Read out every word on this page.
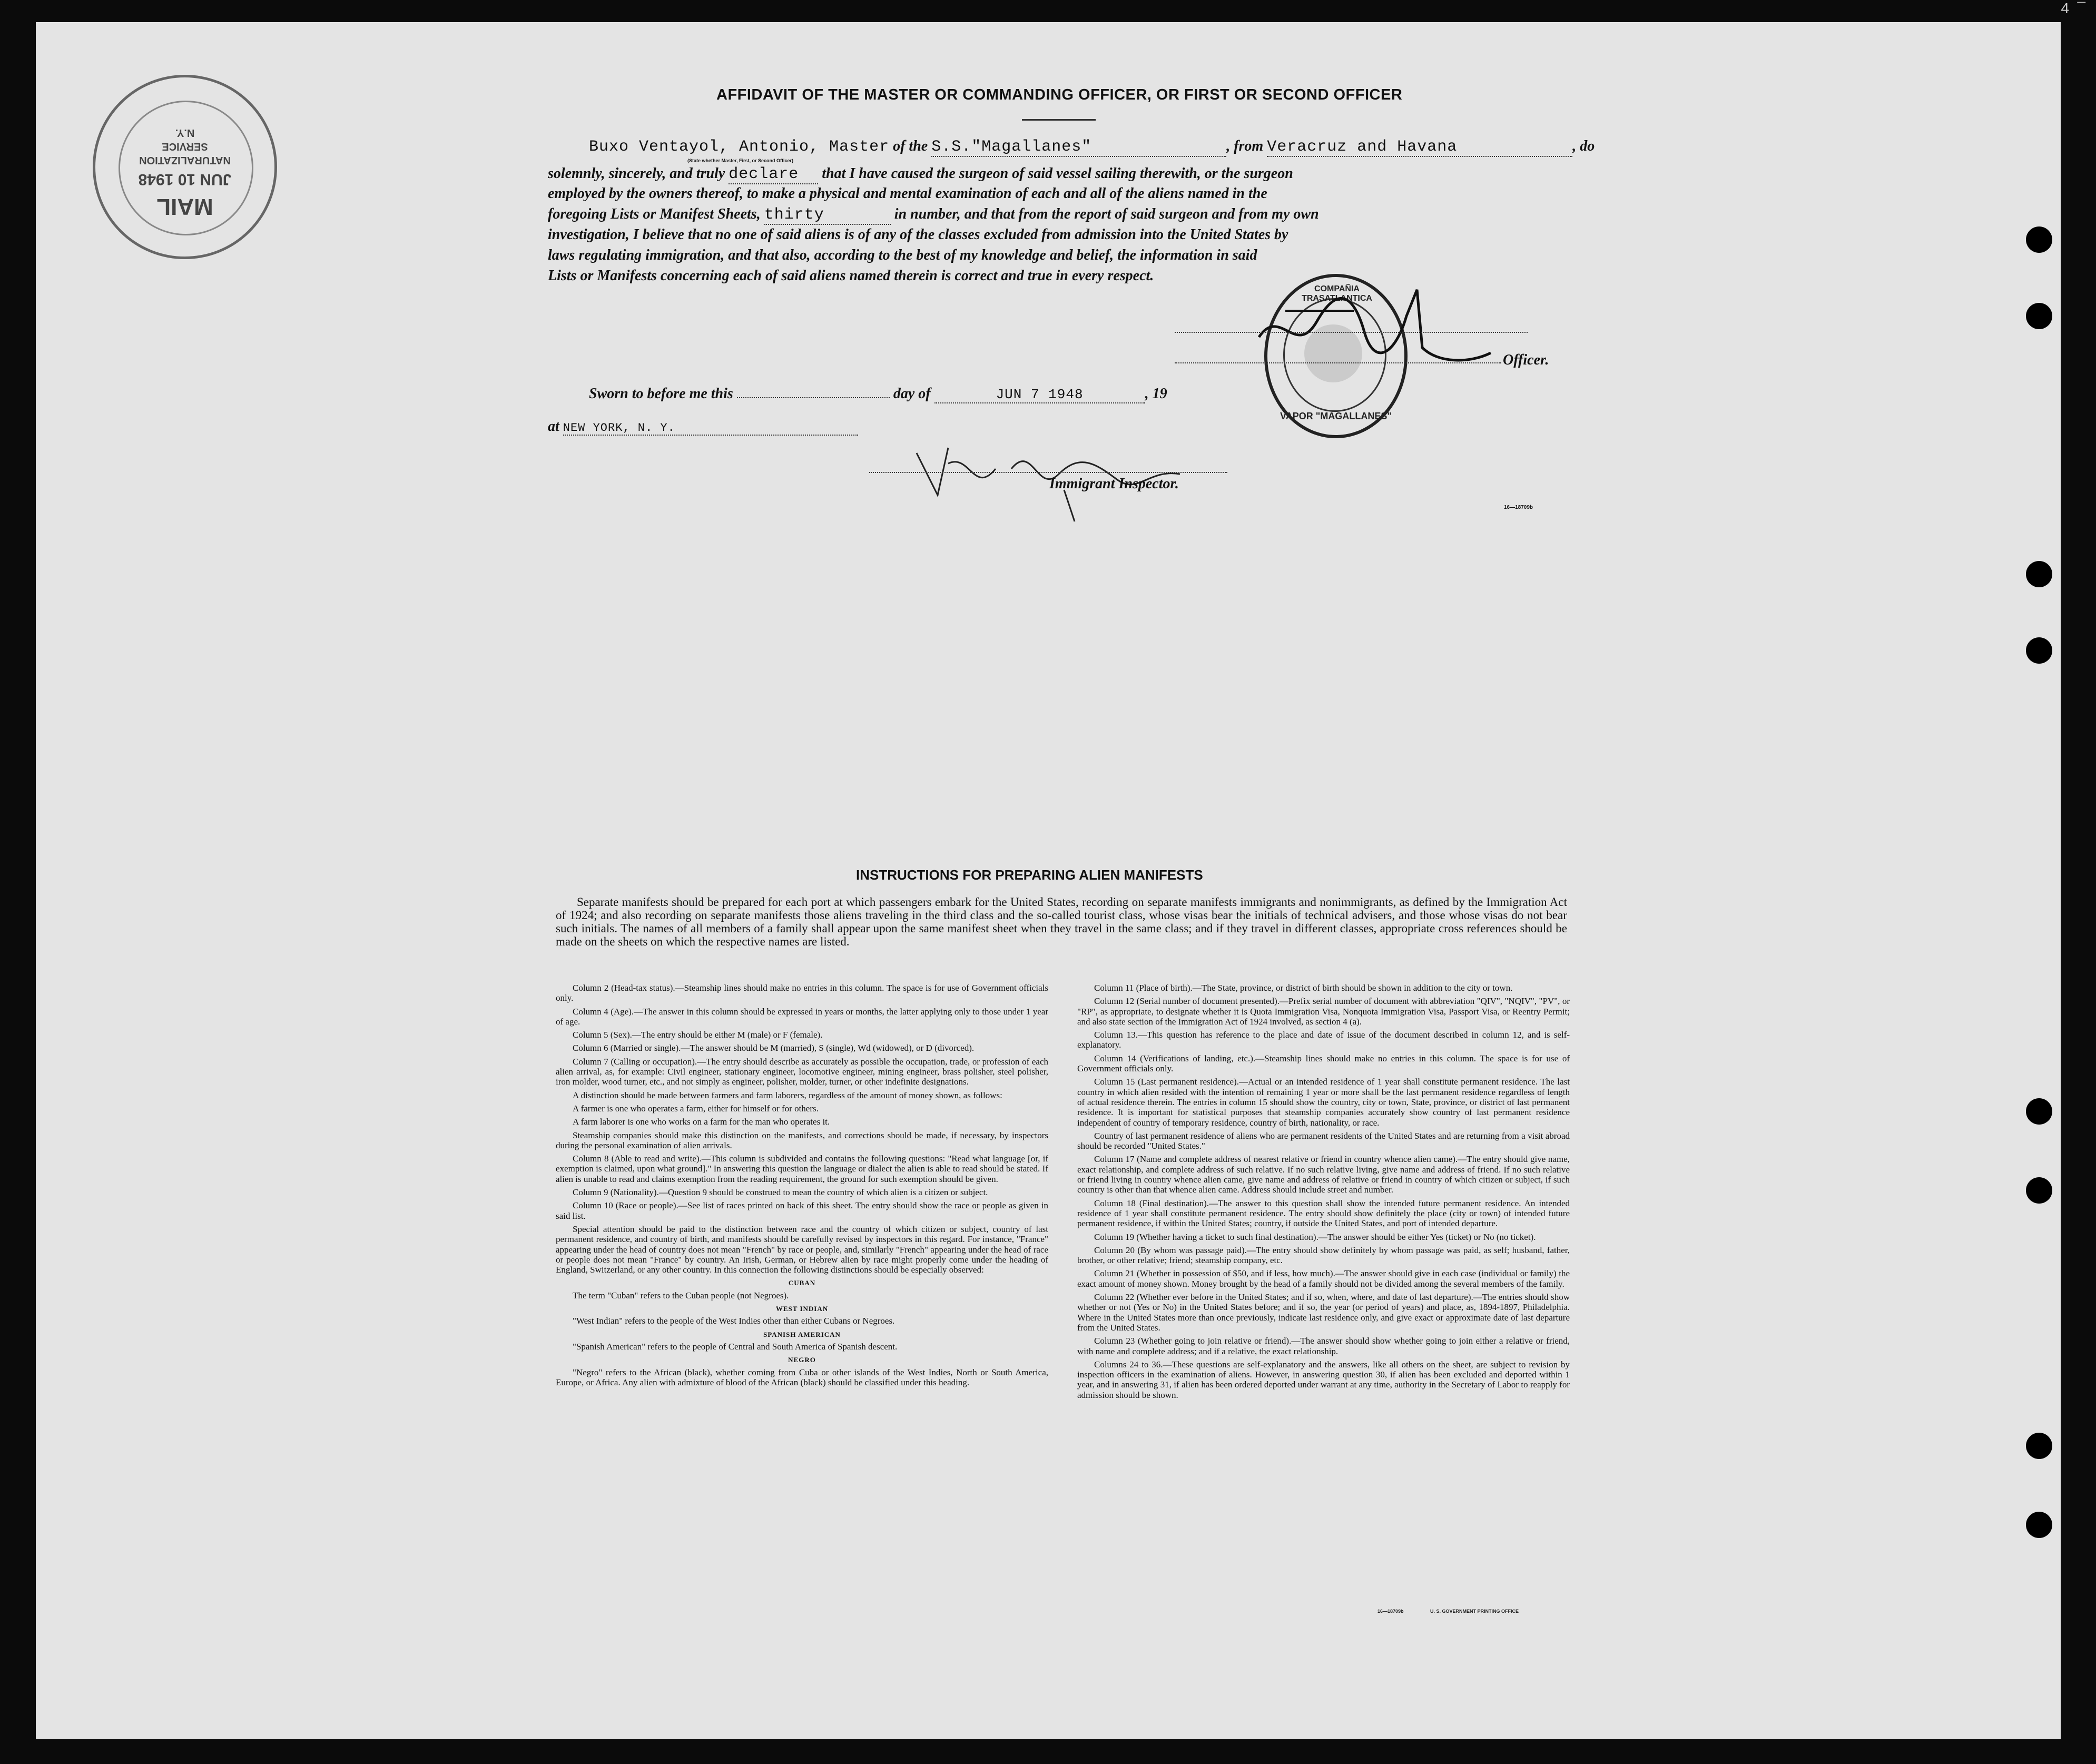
4  ¯
MAIL
JUN 10 1948
NATURALIZATION
SERVICE
N.Y.
AFFIDAVIT OF THE MASTER OR COMMANDING OFFICER, OR FIRST OR SECOND OFFICER
Buxo Ventayol, Antonio, Master of the S.S."Magallanes"	, from Veracruz and Havana	, do
(State whether Master, First, or Second Officer)
solemnly, sincerely, and truly declare that I have caused the surgeon of said vessel sailing therewith, or the surgeon
employed by the owners thereof, to make a physical and mental examination of each and all of the aliens named in the
foregoing Lists or Manifest Sheets, thirty	in number, and that from the report of said surgeon and from my own
investigation, I believe that no one of said aliens is of any of the classes excluded from admission into the United States by
laws regulating immigration, and that also, according to the best of my knowledge and belief, the information in said
Lists or Manifests concerning each of said aliens named therein is correct and true in every respect.
COMPAÑIA TRASATLANTICA
VAPOR "MAGALLANES"
Officer.
Sworn to before me this	day of	JUN 7 1948	, 19
at NEW YORK, N. Y.
Immigrant Inspector.
16—18709b
INSTRUCTIONS FOR PREPARING ALIEN MANIFESTS
Separate manifests should be prepared for each port at which passengers embark for the United States, recording on separate manifests immigrants and nonimmigrants, as defined by the Immigration Act of 1924; and also recording on separate manifests those aliens traveling in the third class and the so-called tourist class, whose visas bear the initials of technical advisers, and those whose visas do not bear such initials. The names of all members of a family shall appear upon the same manifest sheet when they travel in the same class; and if they travel in different classes, appropriate cross references should be made on the sheets on which the respective names are listed.

Column 2 (Head-tax status).—Steamship lines should make no entries in this column. The space is for use of Government officials only.

Column 4 (Age).—The answer in this column should be expressed in years or months, the latter applying only to those under 1 year of age.

Column 5 (Sex).—The entry should be either M (male) or F (female).

Column 6 (Married or single).—The answer should be M (married), S (single), Wd (widowed), or D (divorced).

Column 7 (Calling or occupation).—The entry should describe as accurately as possible the occupation, trade, or profession of each alien arrival, as, for example: Civil engineer, stationary engineer, locomotive engineer, mining engineer, brass polisher, steel polisher, iron molder, wood turner, etc., and not simply as engineer, polisher, molder, turner, or other indefinite designations.

A distinction should be made between farmers and farm laborers, regardless of the amount of money shown, as follows:

A farmer is one who operates a farm, either for himself or for others.

A farm laborer is one who works on a farm for the man who operates it.

Steamship companies should make this distinction on the manifests, and corrections should be made, if necessary, by inspectors during the personal examination of alien arrivals.

Column 8 (Able to read and write).—This column is subdivided and contains the following questions: "Read what language [or, if exemption is claimed, upon what ground]." In answering this question the language or dialect the alien is able to read should be stated. If alien is unable to read and claims exemption from the reading requirement, the ground for such exemption should be given.

Column 9 (Nationality).—Question 9 should be construed to mean the country of which alien is a citizen or subject.

Column 10 (Race or people).—See list of races printed on back of this sheet. The entry should show the race or people as given in said list.

Special attention should be paid to the distinction between race and the country of which citizen or subject, country of last permanent residence, and country of birth, and manifests should be carefully revised by inspectors in this regard. For instance, "France" appearing under the head of country does not mean "French" by race or people, and, similarly "French" appearing under the head of race or people does not mean "France" by country. An Irish, German, or Hebrew alien by race might properly come under the heading of England, Switzerland, or any other country. In this connection the following distinctions should be especially observed:

CUBAN

The term "Cuban" refers to the Cuban people (not Negroes).

WEST INDIAN

"West Indian" refers to the people of the West Indies other than either Cubans or Negroes.

SPANISH AMERICAN

"Spanish American" refers to the people of Central and South America of Spanish descent.

NEGRO

"Negro" refers to the African (black), whether coming from Cuba or other islands of the West Indies, North or South America, Europe, or Africa. Any alien with admixture of blood of the African (black) should be classified under this heading.

Column 11 (Place of birth).—The State, province, or district of birth should be shown in addition to the city or town.

Column 12 (Serial number of document presented).—Prefix serial number of document with abbreviation "QIV", "NQIV", "PV", or "RP", as appropriate, to designate whether it is Quota Immigration Visa, Nonquota Immigration Visa, Passport Visa, or Reentry Permit; and also state section of the Immigration Act of 1924 involved, as section 4 (a).

Column 13.—This question has reference to the place and date of issue of the document described in column 12, and is self-explanatory.

Column 14 (Verifications of landing, etc.).—Steamship lines should make no entries in this column. The space is for use of Government officials only.

Column 15 (Last permanent residence).—Actual or an intended residence of 1 year shall constitute permanent residence. The last country in which alien resided with the intention of remaining 1 year or more shall be the last permanent residence regardless of length of actual residence therein. The entries in column 15 should show the country, city or town, State, province, or district of last permanent residence. It is important for statistical purposes that steamship companies accurately show country of last permanent residence independent of country of temporary residence, country of birth, nationality, or race.

Country of last permanent residence of aliens who are permanent residents of the United States and are returning from a visit abroad should be recorded "United States."

Column 17 (Name and complete address of nearest relative or friend in country whence alien came).—The entry should give name, exact relationship, and complete address of such relative. If no such relative living, give name and address of friend. If no such relative or friend living in country whence alien came, give name and address of relative or friend in country of which citizen or subject, if such country is other than that whence alien came. Address should include street and number.

Column 18 (Final destination).—The answer to this question shall show the intended future permanent residence. An intended residence of 1 year shall constitute permanent residence. The entry should show definitely the place (city or town) of intended future permanent residence, if within the United States; country, if outside the United States, and port of intended departure.

Column 19 (Whether having a ticket to such final destination).—The answer should be either Yes (ticket) or No (no ticket).

Column 20 (By whom was passage paid).—The entry should show definitely by whom passage was paid, as self; husband, father, brother, or other relative; friend; steamship company, etc.

Column 21 (Whether in possession of $50, and if less, how much).—The answer should give in each case (individual or family) the exact amount of money shown. Money brought by the head of a family should not be divided among the several members of the family.

Column 22 (Whether ever before in the United States; and if so, when, where, and date of last departure).—The entries should show whether or not (Yes or No) in the United States before; and if so, the year (or period of years) and place, as, 1894-1897, Philadelphia. Where in the United States more than once previously, indicate last residence only, and give exact or approximate date of last departure from the United States.

Column 23 (Whether going to join relative or friend).—The answer should show whether going to join either a relative or friend, with name and complete address; and if a relative, the exact relationship.

Columns 24 to 36.—These questions are self-explanatory and the answers, like all others on the sheet, are subject to revision by inspection officers in the examination of aliens. However, in answering question 30, if alien has been excluded and deported within 1 year, and in answering 31, if alien has been ordered deported under warrant at any time, authority in the Secretary of Labor to reapply for admission should be shown.

16—18709b	U. S. GOVERNMENT PRINTING OFFICE
